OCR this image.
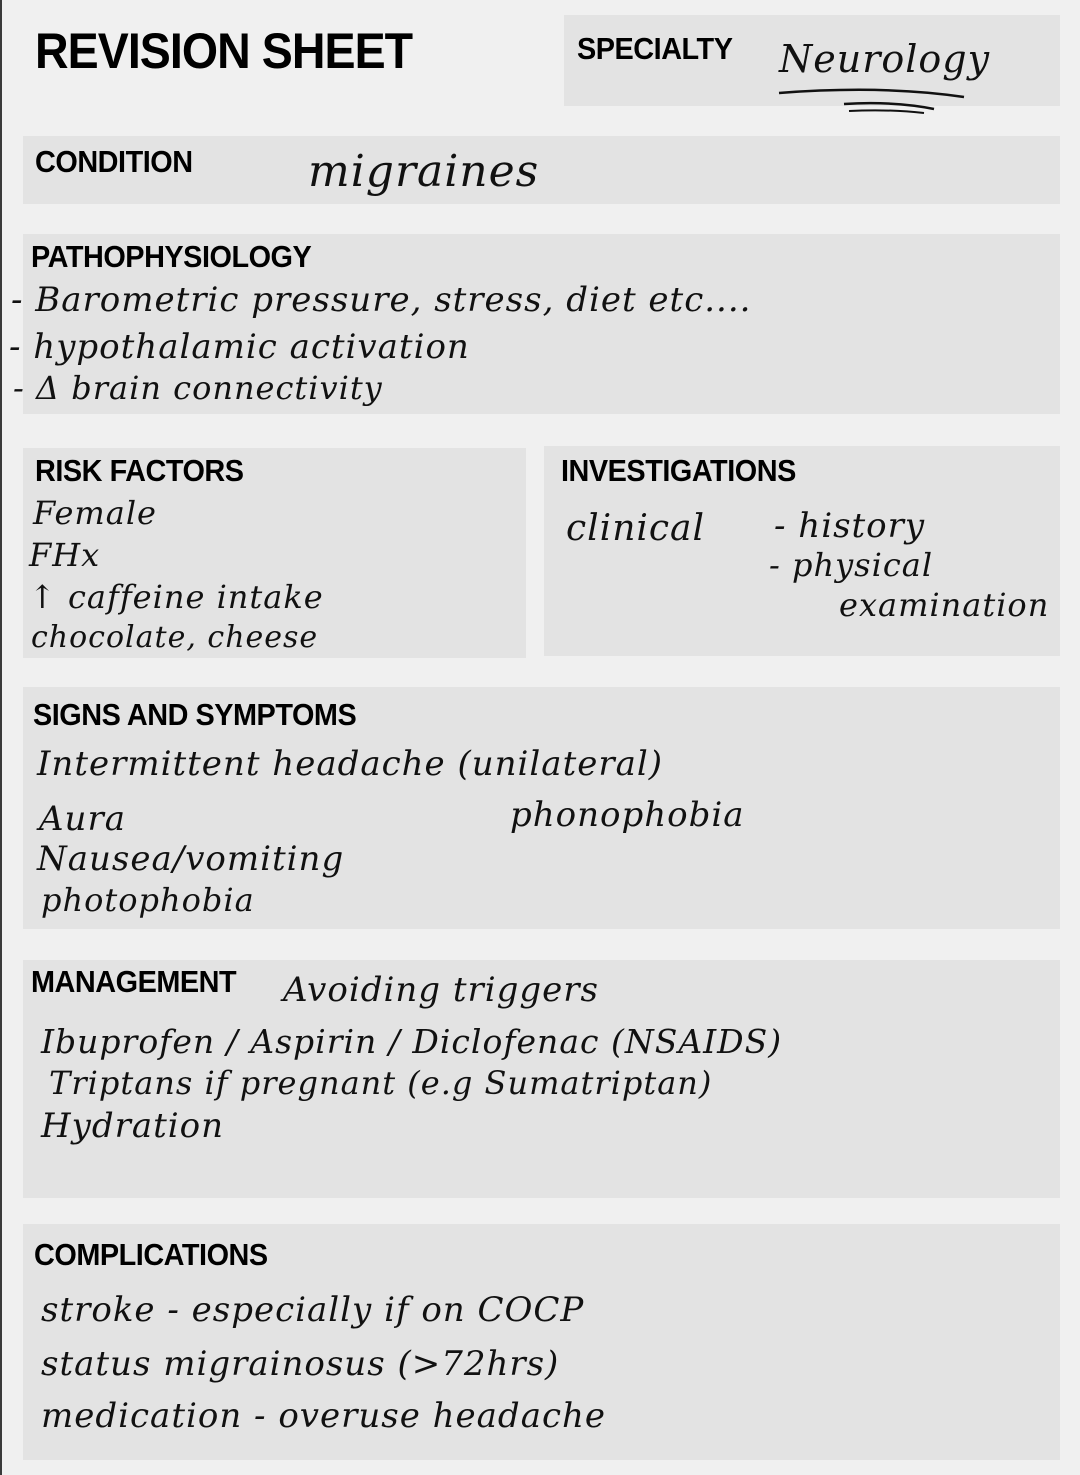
REVISION SHEET	SPECIALTY Neurology
CONDITION	migraines
PATHOPHYSIOLOGY
- Barometric pressure, stress, diet etc....
- hypothalamic activation
- Δ brain connectivity
RISK FACTORS
Female
FHx
↑ caffeine intake
chocolate, cheese
INVESTIGATIONS
clinical - history
- physical
examination
SIGNS AND SYMPTOMS
Intermittent headache (unilateral)
Aura	phonophobia
Nausea/vomiting
photophobia
MANAGEMENT Avoiding triggers
Ibuprofen / Aspirin / Diclofenac (NSAIDS)
Triptans if pregnant (e.g Sumatriptan)
Hydration
COMPLICATIONS
stroke - especially if on COCP
status migrainosus (>72hrs)
medication - overuse headache
